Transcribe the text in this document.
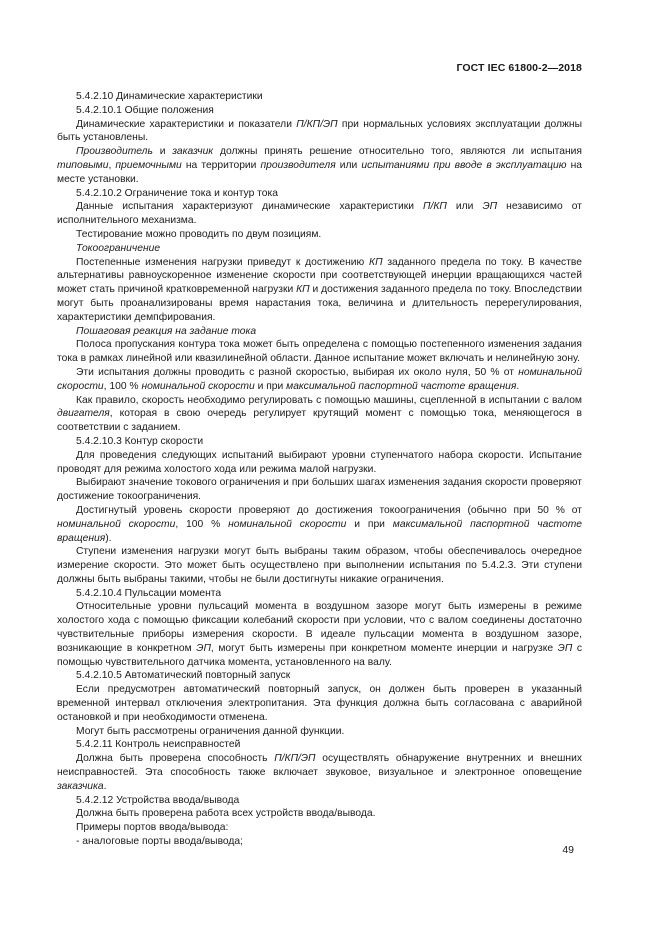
ГОСТ IEC 61800-2—2018

5.4.2.10 Динамические характеристики

5.4.2.10.1 Общие положения

Динамические характеристики и показатели П/КП/ЭП при нормальных условиях эксплуатации должны быть установлены.

Производитель и заказчик должны принять решение относительно того, являются ли испытания типовыми, приемочными на территории производителя или испытаниями при вводе в эксплуатацию на месте установки.

5.4.2.10.2 Ограничение тока и контур тока

Данные испытания характеризуют динамические характеристики П/КП или ЭП независимо от исполнительного механизма.

Тестирование можно проводить по двум позициям.

Токоограничение

Постепенные изменения нагрузки приведут к достижению КП заданного предела по току. В качестве альтернативы равноускоренное изменение скорости при соответствующей инерции вращающихся частей может стать причиной кратковременной нагрузки КП и достижения заданного предела по току. Впоследствии могут быть проанализированы время нарастания тока, величина и длительность перерегулирования, характеристики демпфирования.

Пошаговая реакция на задание тока

Полоса пропускания контура тока может быть определена с помощью постепенного изменения задания тока в рамках линейной или квазилинейной области. Данное испытание может включать и нелинейную зону.

Эти испытания должны проводить с разной скоростью, выбирая их около нуля, 50 % от номинальной скорости, 100 % номинальной скорости и при максимальной паспортной частоте вращения.

Как правило, скорость необходимо регулировать с помощью машины, сцепленной в испытании с валом двигателя, которая в свою очередь регулирует крутящий момент с помощью тока, меняющегося в соответствии с заданием.

5.4.2.10.3 Контур скорости

Для проведения следующих испытаний выбирают уровни ступенчатого набора скорости. Испытание проводят для режима холостого хода или режима малой нагрузки.

Выбирают значение токового ограничения и при больших шагах изменения задания скорости проверяют достижение токоограничения.

Достигнутый уровень скорости проверяют до достижения токоограничения (обычно при 50 % от номинальной скорости, 100 % номинальной скорости и при максимальной паспортной частоте вращения).

Ступени изменения нагрузки могут быть выбраны таким образом, чтобы обеспечивалось очередное измерение скорости. Это может быть осуществлено при выполнении испытания по 5.4.2.3. Эти ступени должны быть выбраны такими, чтобы не были достигнуты никакие ограничения.

5.4.2.10.4 Пульсации момента

Относительные уровни пульсаций момента в воздушном зазоре могут быть измерены в режиме холостого хода с помощью фиксации колебаний скорости при условии, что с валом соединены достаточно чувствительные приборы измерения скорости. В идеале пульсации момента в воздушном зазоре, возникающие в конкретном ЭП, могут быть измерены при конкретном моменте инерции и нагрузке ЭП с помощью чувствительного датчика момента, установленного на валу.

5.4.2.10.5 Автоматический повторный запуск

Если предусмотрен автоматический повторный запуск, он должен быть проверен в указанный временной интервал отключения электропитания. Эта функция должна быть согласована с аварийной остановкой и при необходимости отменена.

Могут быть рассмотрены ограничения данной функции.

5.4.2.11 Контроль неисправностей

Должна быть проверена способность П/КП/ЭП осуществлять обнаружение внутренних и внешних неисправностей. Эта способность также включает звуковое, визуальное и электронное оповещение заказчика.

5.4.2.12 Устройства ввода/вывода

Должна быть проверена работа всех устройств ввода/вывода.

Примеры портов ввода/вывода:

- аналоговые порты ввода/вывода;

49
